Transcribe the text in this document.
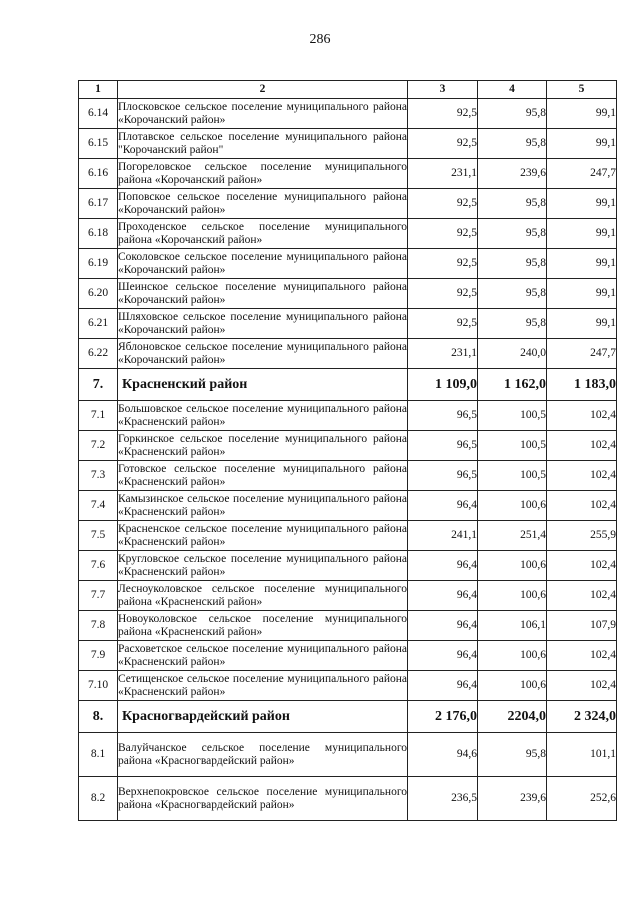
286
1	2	3	4	5
6.14	Плосковское сельское поселение муниципального района «Корочанский район»	92,5	95,8	99,1
6.15	Плотавское сельское поселение муниципального района "Корочанский район"	92,5	95,8	99,1
6.16	Погореловское сельское поселение муниципального района «Корочанский район»	231,1	239,6	247,7
6.17	Поповское сельское поселение муниципального района «Корочанский район»	92,5	95,8	99,1
6.18	Проходенское сельское поселение муниципального района «Корочанский район»	92,5	95,8	99,1
6.19	Соколовское сельское поселение муниципального района «Корочанский район»	92,5	95,8	99,1
6.20	Шеинское сельское поселение муниципального района «Корочанский район»	92,5	95,8	99,1
6.21	Шляховское сельское поселение муниципального района «Корочанский район»	92,5	95,8	99,1
6.22	Яблоновское сельское поселение муниципального района «Корочанский район»	231,1	240,0	247,7
7.	Красненский район	1 109,0	1 162,0	1 183,0
7.1	Большовское сельское поселение муниципального района «Красненский район»	96,5	100,5	102,4
7.2	Горкинское сельское поселение муниципального района «Красненский район»	96,5	100,5	102,4
7.3	Готовское сельское поселение муниципального района «Красненский район»	96,5	100,5	102,4
7.4	Камызинское сельское поселение муниципального района «Красненский район»	96,4	100,6	102,4
7.5	Красненское сельское поселение муниципального района «Красненский район»	241,1	251,4	255,9
7.6	Кругловское сельское поселение муниципального района «Красненский район»	96,4	100,6	102,4
7.7	Лесноуколовское сельское поселение муниципального района «Красненский район»	96,4	100,6	102,4
7.8	Новоуколовское сельское поселение муниципального района «Красненский район»	96,4	106,1	107,9
7.9	Расховетское сельское поселение муниципального района «Красненский район»	96,4	100,6	102,4
7.10	Сетищенское сельское поселение муниципального района «Красненский район»	96,4	100,6	102,4
8.	Красногвардейский район	2 176,0	2204,0	2 324,0
8.1	Валуйчанское сельское поселение муниципального района «Красногвардейский район»	94,6	95,8	101,1
8.2	Верхнепокровское сельское поселение муниципального района «Красногвардейский район»	236,5	239,6	252,6
